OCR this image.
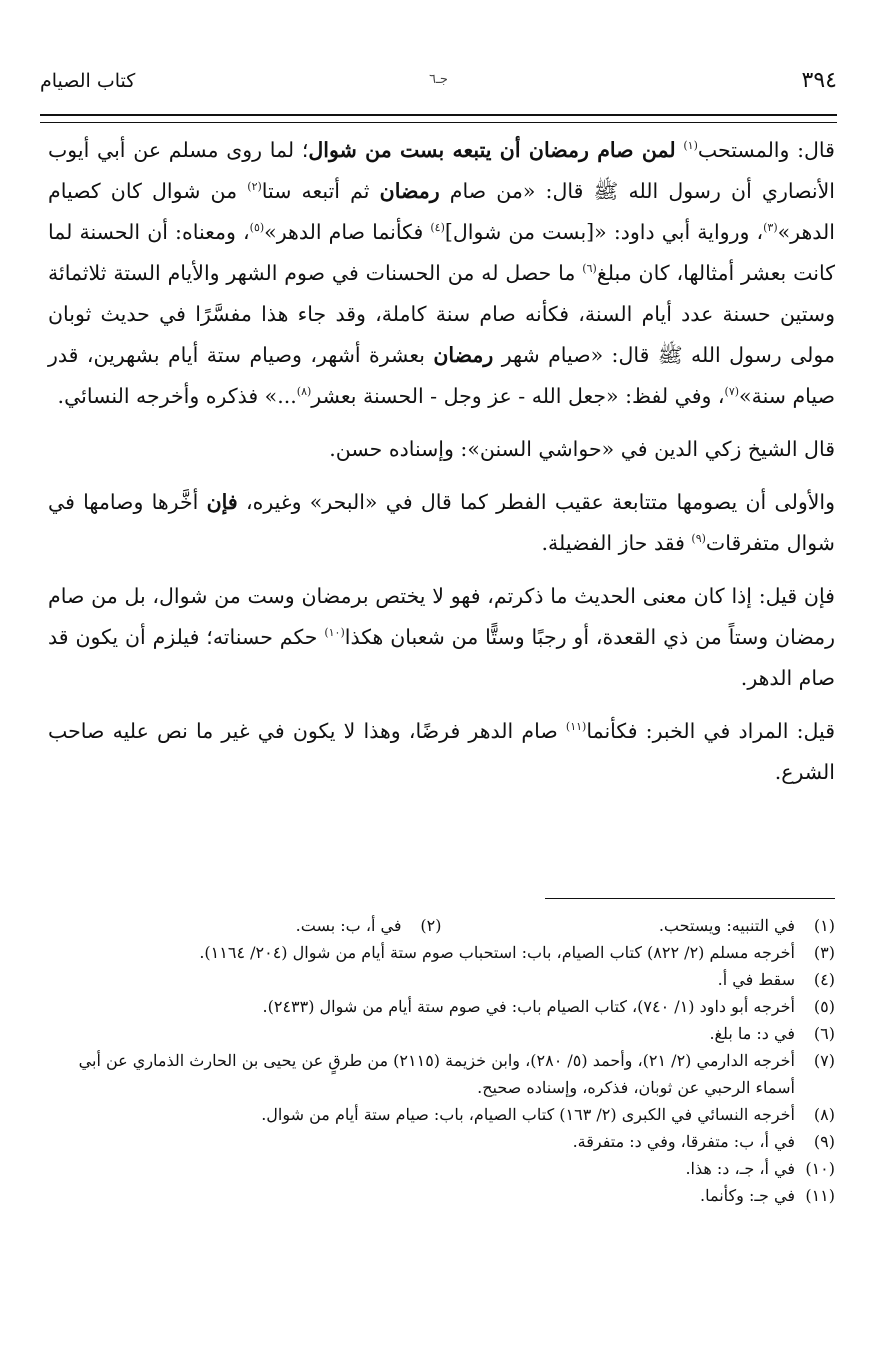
٣٩٤
جـ٦
كتاب الصيام

قال: والمستحب$^{(١)}$ لمن صام رمضان أن يتبعه بست من شوال؛ لما روى مسلم عن أبي أيوب الأنصاري أن رسول الله ﷺ قال: «من صام رمضان ثم أتبعه ستا$^{(٢)}$ من شوال كان كصيام الدهر»$^{(٣)}$، ورواية أبي داود: «[بست من شوال]$^{(٤)}$ فكأنما صام الدهر»$^{(٥)}$، ومعناه: أن الحسنة لما كانت بعشر أمثالها، كان مبلغ$^{(٦)}$ ما حصل له من الحسنات في صوم الشهر والأيام الستة ثلاثمائة وستين حسنة عدد أيام السنة، فكأنه صام سنة كاملة، وقد جاء هذا مفسَّرًا في حديث ثوبان مولى رسول الله ﷺ قال: «صيام شهر رمضان بعشرة أشهر، وصيام ستة أيام بشهرين، قدر صيام سنة»$^{(٧)}$، وفي لفظ: «جعل الله - عز وجل - الحسنة بعشر$^{(٨)}$...» فذكره وأخرجه النسائي.

قال الشيخ زكي الدين في «حواشي السنن»: وإسناده حسن.

والأولى أن يصومها متتابعة عقيب الفطر كما قال في «البحر» وغيره، فإن أخَّرها وصامها في شوال متفرقات$^{(٩)}$ فقد حاز الفضيلة.

فإن قيل: إذا كان معنى الحديث ما ذكرتم، فهو لا يختص برمضان وست من شوال، بل من صام رمضان وستاً من ذي القعدة، أو رجبًا وستًّا من شعبان هكذا$^{(١٠)}$ حكم حسناته؛ فيلزم أن يكون قد صام الدهر.

قيل: المراد في الخبر: فكأنما$^{(١١)}$ صام الدهر فرضًا، وهذا لا يكون في غير ما نص عليه صاحب الشرع.

(١)
في التنبيه: ويستحب.
(٢)
في أ، ب: بست.
(٣)
أخرجه مسلم (٢/ ٨٢٢) كتاب الصيام، باب: استحباب صوم ستة أيام من شوال (٢٠٤/ ١١٦٤).
(٤)
سقط في أ.
(٥)
أخرجه أبو داود (١/ ٧٤٠)، كتاب الصيام باب: في صوم ستة أيام من شوال (٢٤٣٣).
(٦)
في د: ما بلغ.
(٧)
أخرجه الدارمي (٢/ ٢١)، وأحمد (٥/ ٢٨٠)، وابن خزيمة (٢١١٥) من طرقٍ عن يحيى بن الحارث الذماري عن أبي أسماء الرحبي عن ثوبان، فذكره، وإسناده صحيح.
(٨)
أخرجه النسائي في الكبرى (٢/ ١٦٣) كتاب الصيام، باب: صيام ستة أيام من شوال.
(٩)
في أ، ب: متفرقا، وفي د: متفرقة.
(١٠)
في أ، جـ، د: هذا.
(١١)
في جـ: وكأنما.
